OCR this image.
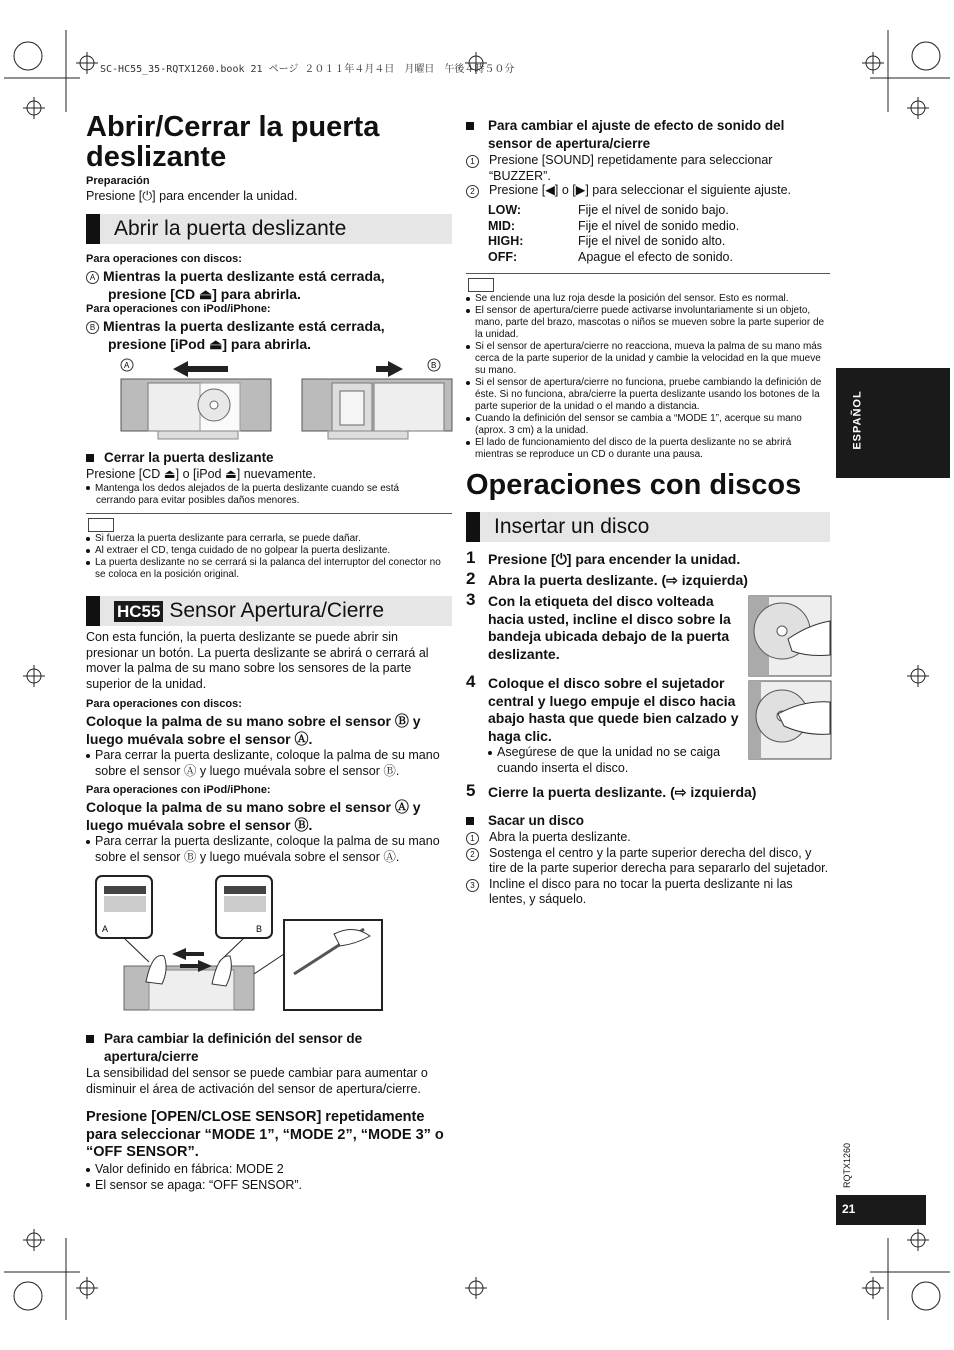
SC-HC55_35-RQTX1260.book 21 ページ ２０１１年４月４日　月曜日　午後４時５０分

Abrir/Cerrar la puerta

deslizante

Preparación
Presione [⏻] para encender la unidad.
Abrir la puerta deslizante
Para operaciones con discos:
A Mientras la puerta deslizante está cerrada,
presione [CD ⏏] para abrirla.
Para operaciones con iPod/iPhone:
B Mientras la puerta deslizante está cerrada,
presione [iPod ⏏] para abrirla.
A	B
Cerrar la puerta deslizante
Presione [CD ⏏] o [iPod ⏏] nuevamente.
Mantenga los dedos alejados de la puerta deslizante cuando se está
cerrando para evitar posibles daños menores.
Si fuerza la puerta deslizante para cerrarla, se puede dañar.
Al extraer el CD, tenga cuidado de no golpear la puerta deslizante.
La puerta deslizante no se cerrará si la palanca del interruptor del conector no se coloca en la posición original.
HC55 Sensor Apertura/Cierre
Con esta función, la puerta deslizante se puede abrir sin presionar un botón. La puerta deslizante se abrirá o cerrará al mover la palma de su mano sobre los sensores de la parte superior de la unidad.
Para operaciones con discos:
Coloque la palma de su mano sobre el sensor Ⓑ y luego muévala sobre el sensor Ⓐ.
Para cerrar la puerta deslizante, coloque la palma de su mano sobre el sensor Ⓐ y luego muévala sobre el sensor Ⓑ.
Para operaciones con iPod/iPhone:
Coloque la palma de su mano sobre el sensor Ⓐ y luego muévala sobre el sensor Ⓑ.
Para cerrar la puerta deslizante, coloque la palma de su mano sobre el sensor Ⓑ y luego muévala sobre el sensor Ⓐ.
A	B
Para cambiar la definición del sensor de apertura/cierre
La sensibilidad del sensor se puede cambiar para aumentar o disminuir el área de activación del sensor de apertura/cierre.
Presione [OPEN/CLOSE SENSOR] repetidamente para seleccionar “MODE 1”, “MODE 2”, “MODE 3” o “OFF SENSOR”.
Valor definido en fábrica: MODE 2
El sensor se apaga: “OFF SENSOR”.
Para cambiar el ajuste de efecto de sonido del sensor de apertura/cierre
1	Presione [SOUND] repetidamente para seleccionar “BUZZER”.
2	Presione [◀] o [▶] para seleccionar el siguiente ajuste.
LOW:	Fije el nivel de sonido bajo.
MID:	Fije el nivel de sonido medio.
HIGH:	Fije el nivel de sonido alto.
OFF:	Apague el efecto de sonido.
Se enciende una luz roja desde la posición del sensor. Esto es normal.
El sensor de apertura/cierre puede activarse involuntariamente si un objeto, mano, parte del brazo, mascotas o niños se mueven sobre la parte superior de la unidad.
Si el sensor de apertura/cierre no reacciona, mueva la palma de su mano más cerca de la parte superior de la unidad y cambie la velocidad en la que mueve su mano.
Si el sensor de apertura/cierre no funciona, pruebe cambiando la definición de éste. Si no funciona, abra/cierre la puerta deslizante usando los botones de la parte superior de la unidad o el mando a distancia.
Cuando la definición del sensor se cambia a “MODE 1”, acerque su mano (aprox. 3 cm) a la unidad.
El lado de funcionamiento del disco de la puerta deslizante no se abrirá mientras se reproduce un CD o durante una pausa.
Operaciones con discos
Insertar un disco
1 Presione [⏻] para encender la unidad.
2 Abra la puerta deslizante. (⇨ izquierda)
3 Con la etiqueta del disco volteada hacia usted, incline el disco sobre la bandeja ubicada debajo de la puerta deslizante.
4 Coloque el disco sobre el sujetador central y luego empuje el disco hacia abajo hasta que quede bien calzado y haga clic.
Asegúrese de que la unidad no se caiga cuando inserta el disco.
5 Cierre la puerta deslizante. (⇨ izquierda)
Sacar un disco
1	Abra la puerta deslizante.
2	Sostenga el centro y la parte superior derecha del disco, y tire de la parte superior derecha para separarlo del sujetador.
3	Incline el disco para no tocar la puerta deslizante ni las lentes, y sáquelo.
ESPAÑOL
RQTX1260
21
